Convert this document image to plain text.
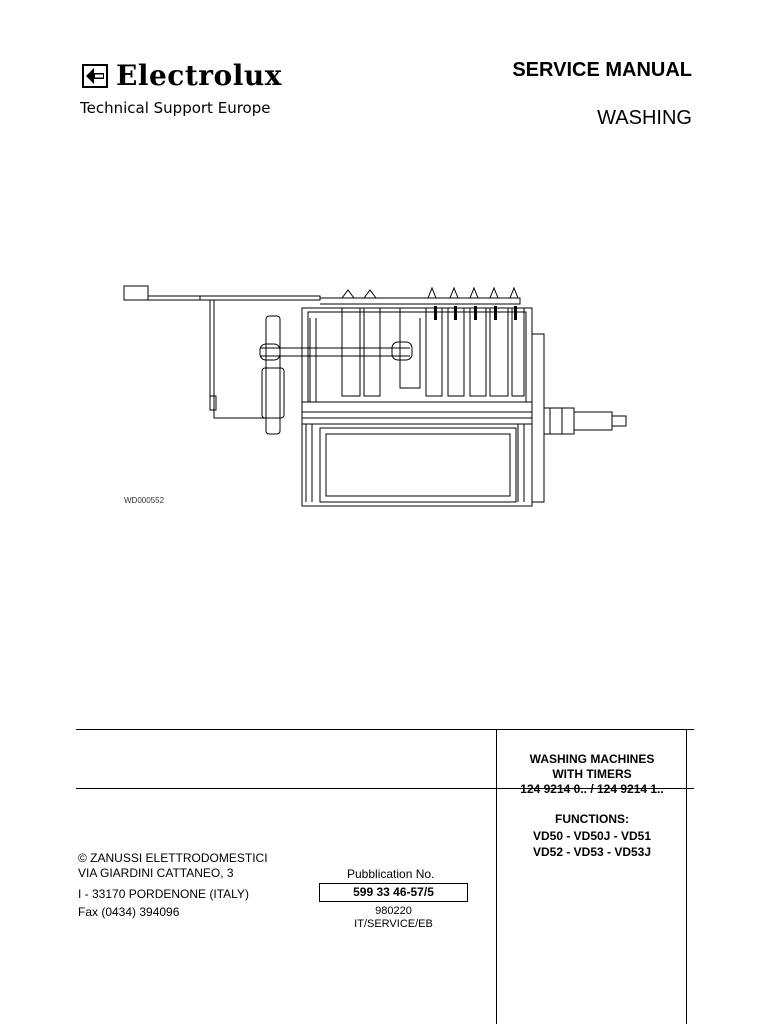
Electrolux
Technical Support Europe
SERVICE MANUAL
WASHING
WD000552
© ZANUSSI ELETTRODOMESTICI
VIA GIARDINI CATTANEO, 3
I - 33170 PORDENONE (ITALY)
Fax (0434) 394096
Pubblication No.
599 33 46-57/5
980220
IT/SERVICE/EB
WASHING MACHINES
WITH TIMERS
124 9214 0.. / 124 9214 1..
FUNCTIONS:
VD50 - VD50J - VD51
VD52 - VD53 - VD53J
